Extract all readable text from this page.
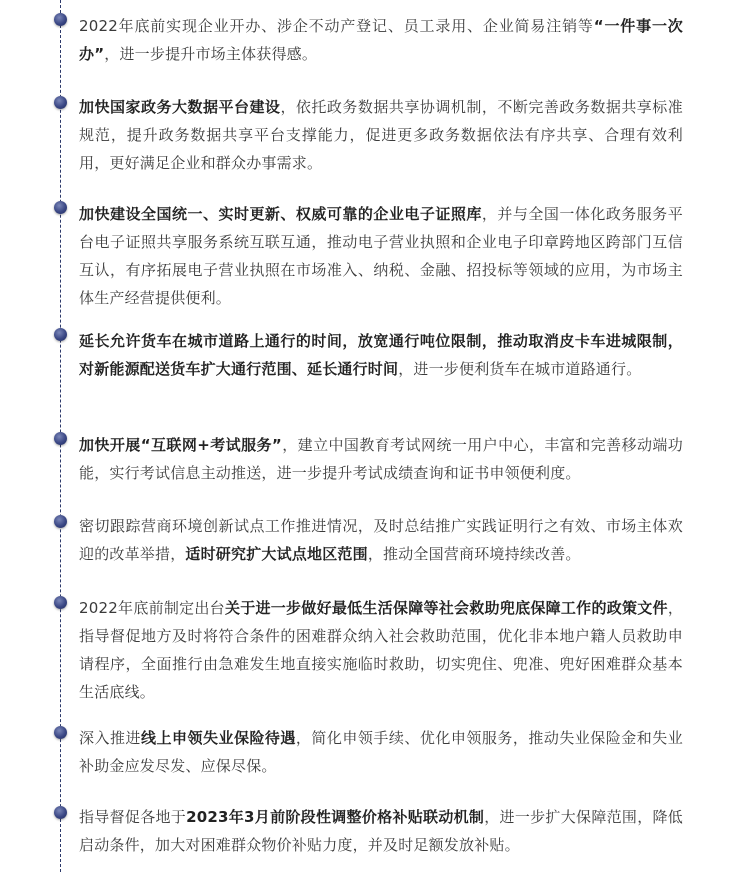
2022年底前实现企业开办、涉企不动产登记、员工录用、企业简易注销等“一件事一次办”，进一步提升市场主体获得感。

加快国家政务大数据平台建设，依托政务数据共享协调机制，不断完善政务数据共享标准规范，提升政务数据共享平台支撑能力，促进更多政务数据依法有序共享、合理有效利用，更好满足企业和群众办事需求。

加快建设全国统一、实时更新、权威可靠的企业电子证照库，并与全国一体化政务服务平台电子证照共享服务系统互联互通，推动电子营业执照和企业电子印章跨地区跨部门互信互认，有序拓展电子营业执照在市场准入、纳税、金融、招投标等领域的应用，为市场主体生产经营提供便利。

延长允许货车在城市道路上通行的时间，放宽通行吨位限制，推动取消皮卡车进城限制，对新能源配送货车扩大通行范围、延长通行时间，进一步便利货车在城市道路通行。

加快开展“互联网+考试服务”，建立中国教育考试网统一用户中心，丰富和完善移动端功能，实行考试信息主动推送，进一步提升考试成绩查询和证书申领便利度。

密切跟踪营商环境创新试点工作推进情况，及时总结推广实践证明行之有效、市场主体欢迎的改革举措，适时研究扩大试点地区范围，推动全国营商环境持续改善。

2022年底前制定出台关于进一步做好最低生活保障等社会救助兜底保障工作的政策文件，指导督促地方及时将符合条件的困难群众纳入社会救助范围，优化非本地户籍人员救助申请程序，全面推行由急难发生地直接实施临时救助，切实兜住、兜准、兜好困难群众基本生活底线。

深入推进线上申领失业保险待遇，简化申领手续、优化申领服务，推动失业保险金和失业补助金应发尽发、应保尽保。

指导督促各地于2023年3月前阶段性调整价格补贴联动机制，进一步扩大保障范围，降低启动条件，加大对困难群众物价补贴力度，并及时足额发放补贴。
